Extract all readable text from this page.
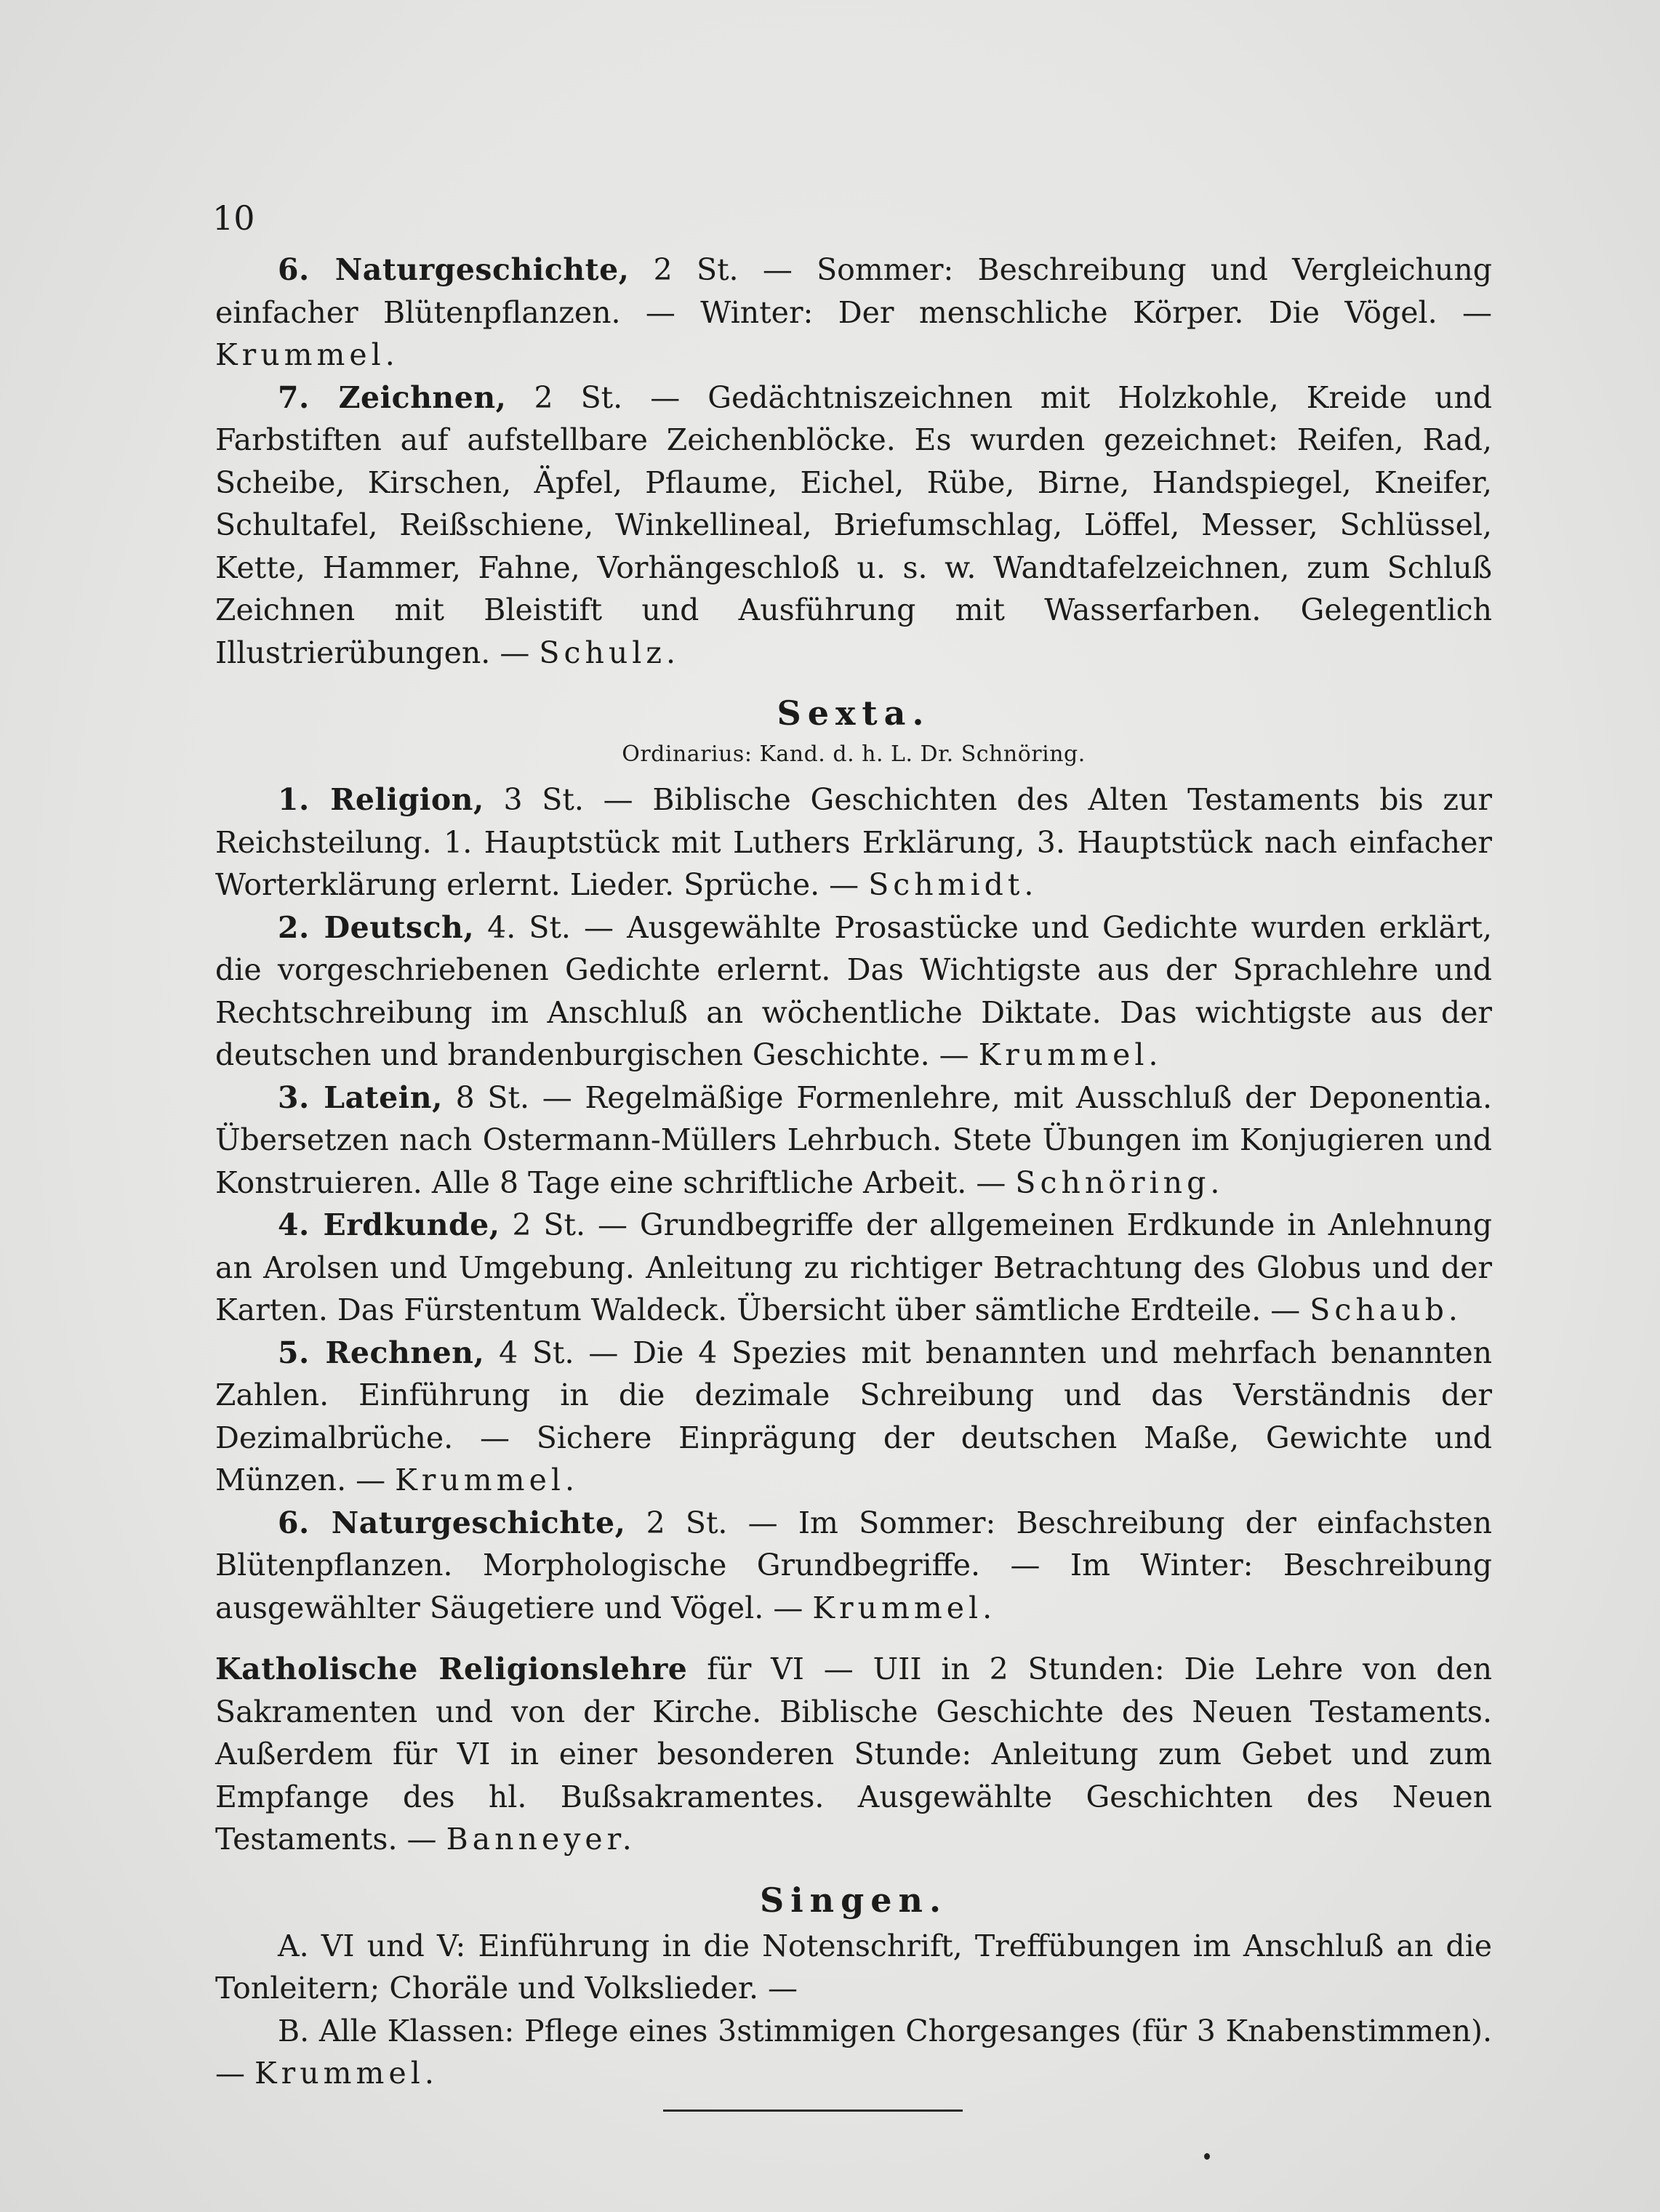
10

6. Naturgeschichte, 2 St. — Sommer: Beschreibung und Vergleichung einfacher Blütenpflanzen. — Winter: Der menschliche Körper. Die Vögel. — Krummel.

7. Zeichnen, 2 St. — Gedächtniszeichnen mit Holzkohle, Kreide und Farbstiften auf aufstellbare Zeichenblöcke. Es wurden gezeichnet: Reifen, Rad, Scheibe, Kirschen, Äpfel, Pflaume, Eichel, Rübe, Birne, Handspiegel, Kneifer, Schultafel, Reißschiene, Winkellineal, Briefumschlag, Löffel, Messer, Schlüssel, Kette, Hammer, Fahne, Vorhängeschloß u. s. w. Wandtafelzeichnen, zum Schluß Zeichnen mit Bleistift und Ausführung mit Wasserfarben. Gelegentlich Illustrierübungen. — Schulz.

Sexta.

Ordinarius: Kand. d. h. L. Dr. Schnöring.

1. Religion, 3 St. — Biblische Geschichten des Alten Testaments bis zur Reichsteilung. 1. Hauptstück mit Luthers Erklärung, 3. Hauptstück nach einfacher Worterklärung erlernt. Lieder. Sprüche. — Schmidt.

2. Deutsch, 4. St. — Ausgewählte Prosastücke und Gedichte wurden erklärt, die vorgeschriebenen Gedichte erlernt. Das Wichtigste aus der Sprachlehre und Rechtschreibung im Anschluß an wöchentliche Diktate. Das wichtigste aus der deutschen und brandenburgischen Geschichte. — Krummel.

3. Latein, 8 St. — Regelmäßige Formenlehre, mit Ausschluß der Deponentia. Übersetzen nach Ostermann-Müllers Lehrbuch. Stete Übungen im Konjugieren und Konstruieren. Alle 8 Tage eine schriftliche Arbeit. — Schnöring.

4. Erdkunde, 2 St. — Grundbegriffe der allgemeinen Erdkunde in Anlehnung an Arolsen und Umgebung. Anleitung zu richtiger Betrachtung des Globus und der Karten. Das Fürstentum Waldeck. Übersicht über sämtliche Erdteile. — Schaub.

5. Rechnen, 4 St. — Die 4 Spezies mit benannten und mehrfach benannten Zahlen. Einführung in die dezimale Schreibung und das Verständnis der Dezimalbrüche. — Sichere Einprägung der deutschen Maße, Gewichte und Münzen. — Krummel.

6. Naturgeschichte, 2 St. — Im Sommer: Beschreibung der einfachsten Blütenpflanzen. Morphologische Grundbegriffe. — Im Winter: Beschreibung ausgewählter Säugetiere und Vögel. — Krummel.

Katholische Religionslehre für VI — UII in 2 Stunden: Die Lehre von den Sakramenten und von der Kirche. Biblische Geschichte des Neuen Testaments. Außerdem für VI in einer besonderen Stunde: Anleitung zum Gebet und zum Empfange des hl. Bußsakramentes. Ausgewählte Geschichten des Neuen Testaments. — Banneyer.

Singen.

A. VI und V: Einführung in die Notenschrift, Treffübungen im Anschluß an die Tonleitern; Choräle und Volkslieder. —

B. Alle Klassen: Pflege eines 3stimmigen Chorgesanges (für 3 Knabenstimmen). — Krummel.
